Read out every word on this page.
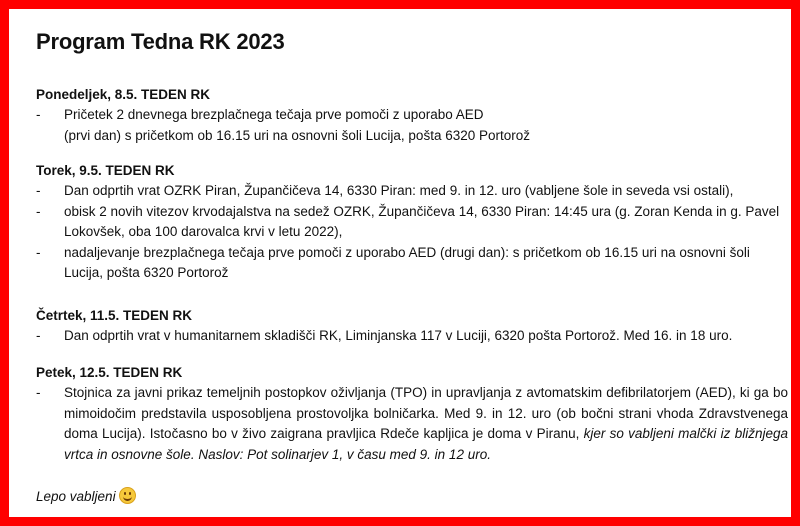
Program Tedna RK 2023
Ponedeljek, 8.5. TEDEN RK
-	Pričetek 2 dnevnega brezplačnega tečaja prve pomoči z uporabo AED
(prvi dan) s pričetkom ob 16.15 uri na osnovni šoli Lucija, pošta 6320 Portorož
Torek, 9.5. TEDEN RK
-	Dan odprtih vrat OZRK Piran, Župančičeva 14, 6330 Piran: med 9. in 12. uro (vabljene šole in seveda vsi ostali),
-	obisk 2 novih vitezov krvodajalstva na sedež OZRK, Župančičeva 14, 6330 Piran: 14:45 ura (g. Zoran Kenda in g. Pavel
Lokovšek, oba 100 darovalca krvi v letu 2022),
-	nadaljevanje brezplačnega tečaja prve pomoči z uporabo AED (drugi dan): s pričetkom ob 16.15 uri na osnovni šoli
Lucija, pošta 6320 Portorož
Četrtek, 11.5. TEDEN RK
-	Dan odprtih vrat v humanitarnem skladišči RK, Liminjanska 117 v Luciji, 6320 pošta Portorož. Med 16. in 18 uro.
Petek, 12.5. TEDEN RK
-	Stojnica za javni prikaz temeljnih postopkov oživljanja (TPO) in upravljanja z avtomatskim defibrilatorjem (AED), ki ga bo mimoidočim predstavila usposobljena prostovoljka bolničarka. Med 9. in 12. uro (ob bočni strani vhoda Zdravstvenega doma Lucija). Istočasno bo v živo zaigrana pravljica Rdeče kapljica je doma v Piranu, kjer so vabljeni malčki iz bližnjega vrtca in osnovne šole. Naslov: Pot solinarjev 1, v času med 9. in 12 uro.
Lepo vabljeni
